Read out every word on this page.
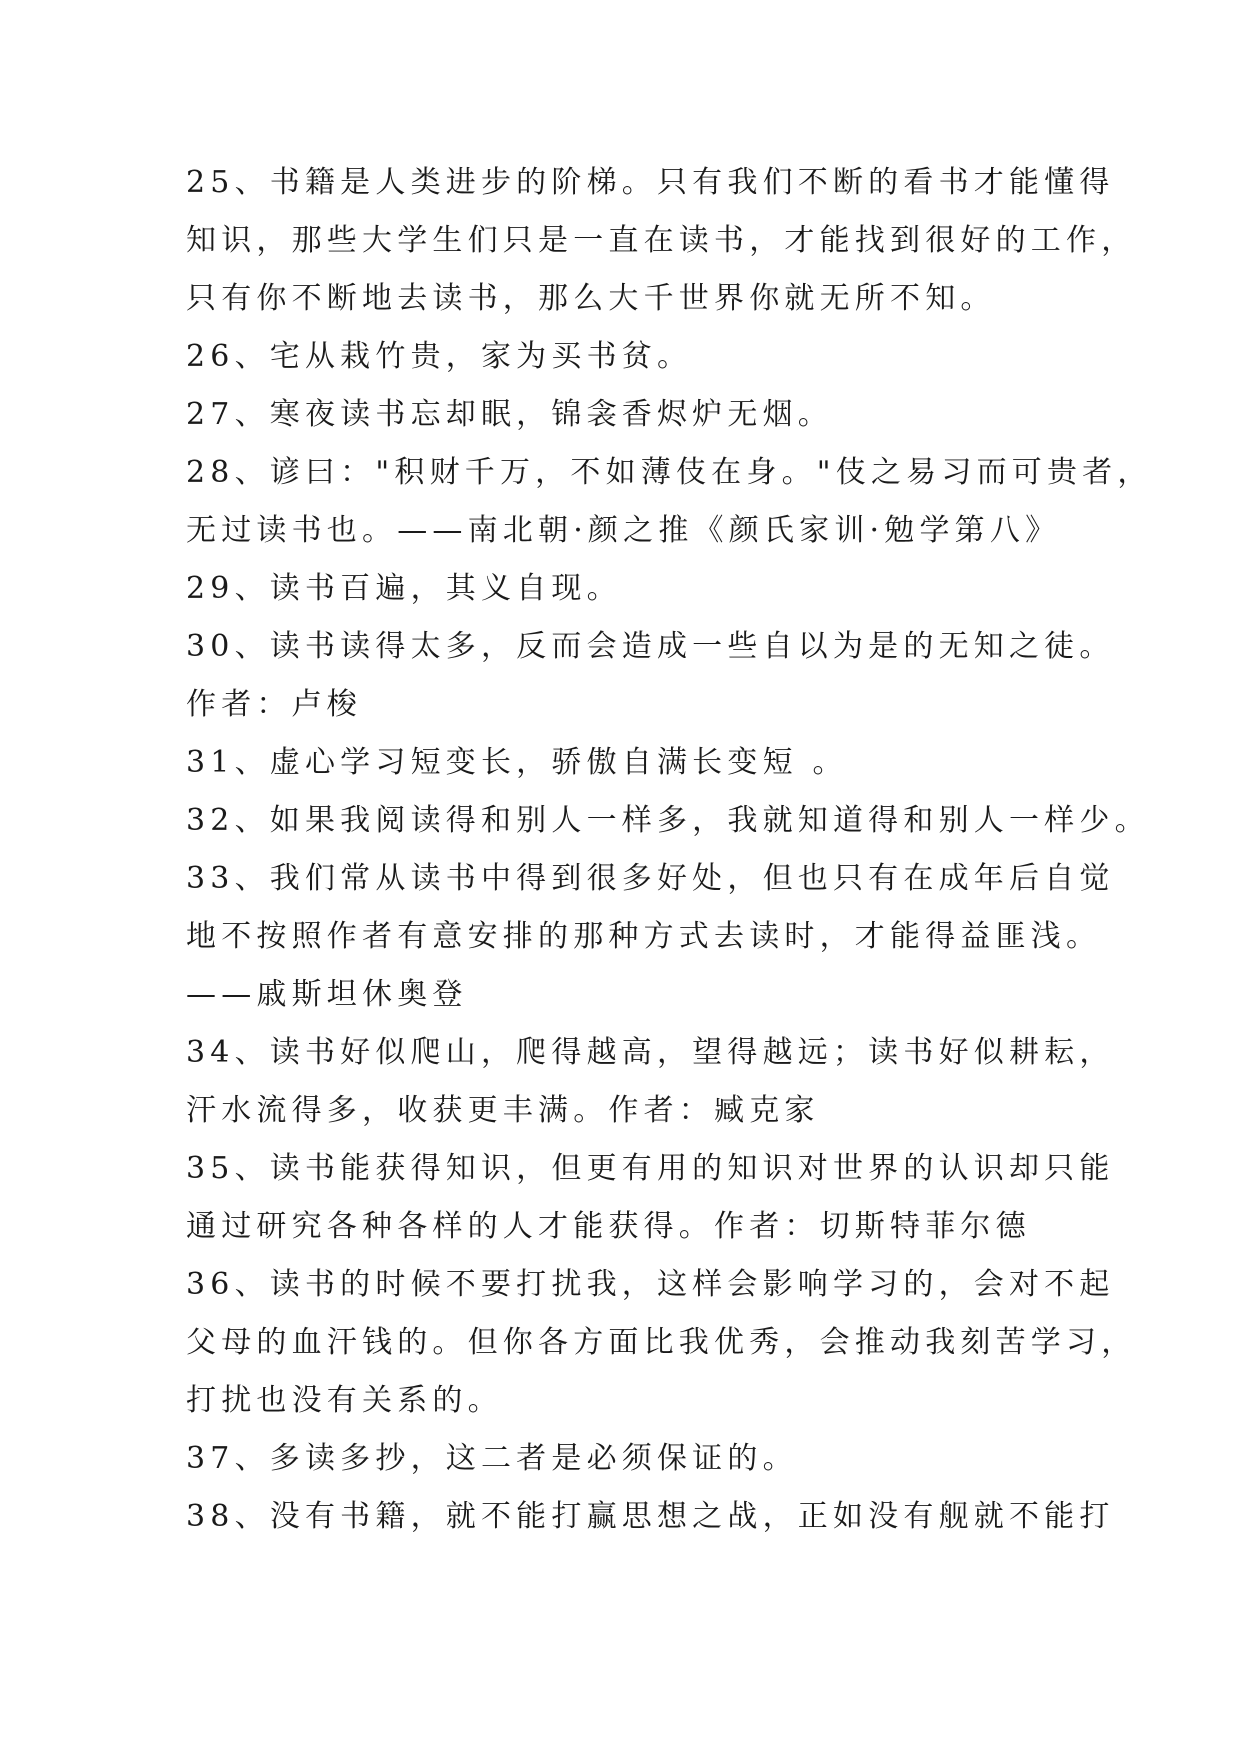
25、书籍是人类进步的阶梯。只有我们不断的看书才能懂得
知识，那些大学生们只是一直在读书，才能找到很好的工作，
只有你不断地去读书，那么大千世界你就无所不知。
26、宅从栽竹贵，家为买书贫。
27、寒夜读书忘却眠，锦衾香烬炉无烟。
28、谚曰："积财千万，不如薄伎在身。"伎之易习而可贵者，
无过读书也。——南北朝·颜之推《颜氏家训·勉学第八》
29、读书百遍，其义自现。
30、读书读得太多，反而会造成一些自以为是的无知之徒。
作者：卢梭
31、虚心学习短变长，骄傲自满长变短 。
32、如果我阅读得和别人一样多，我就知道得和别人一样少。
33、我们常从读书中得到很多好处，但也只有在成年后自觉
地不按照作者有意安排的那种方式去读时，才能得益匪浅。
——戚斯坦休奥登
34、读书好似爬山，爬得越高，望得越远；读书好似耕耘，
汗水流得多，收获更丰满。作者：臧克家
35、读书能获得知识，但更有用的知识对世界的认识却只能
通过研究各种各样的人才能获得。作者：切斯特菲尔德
36、读书的时候不要打扰我，这样会影响学习的，会对不起
父母的血汗钱的。但你各方面比我优秀，会推动我刻苦学习，
打扰也没有关系的。
37、多读多抄，这二者是必须保证的。
38、没有书籍，就不能打赢思想之战，正如没有舰就不能打
